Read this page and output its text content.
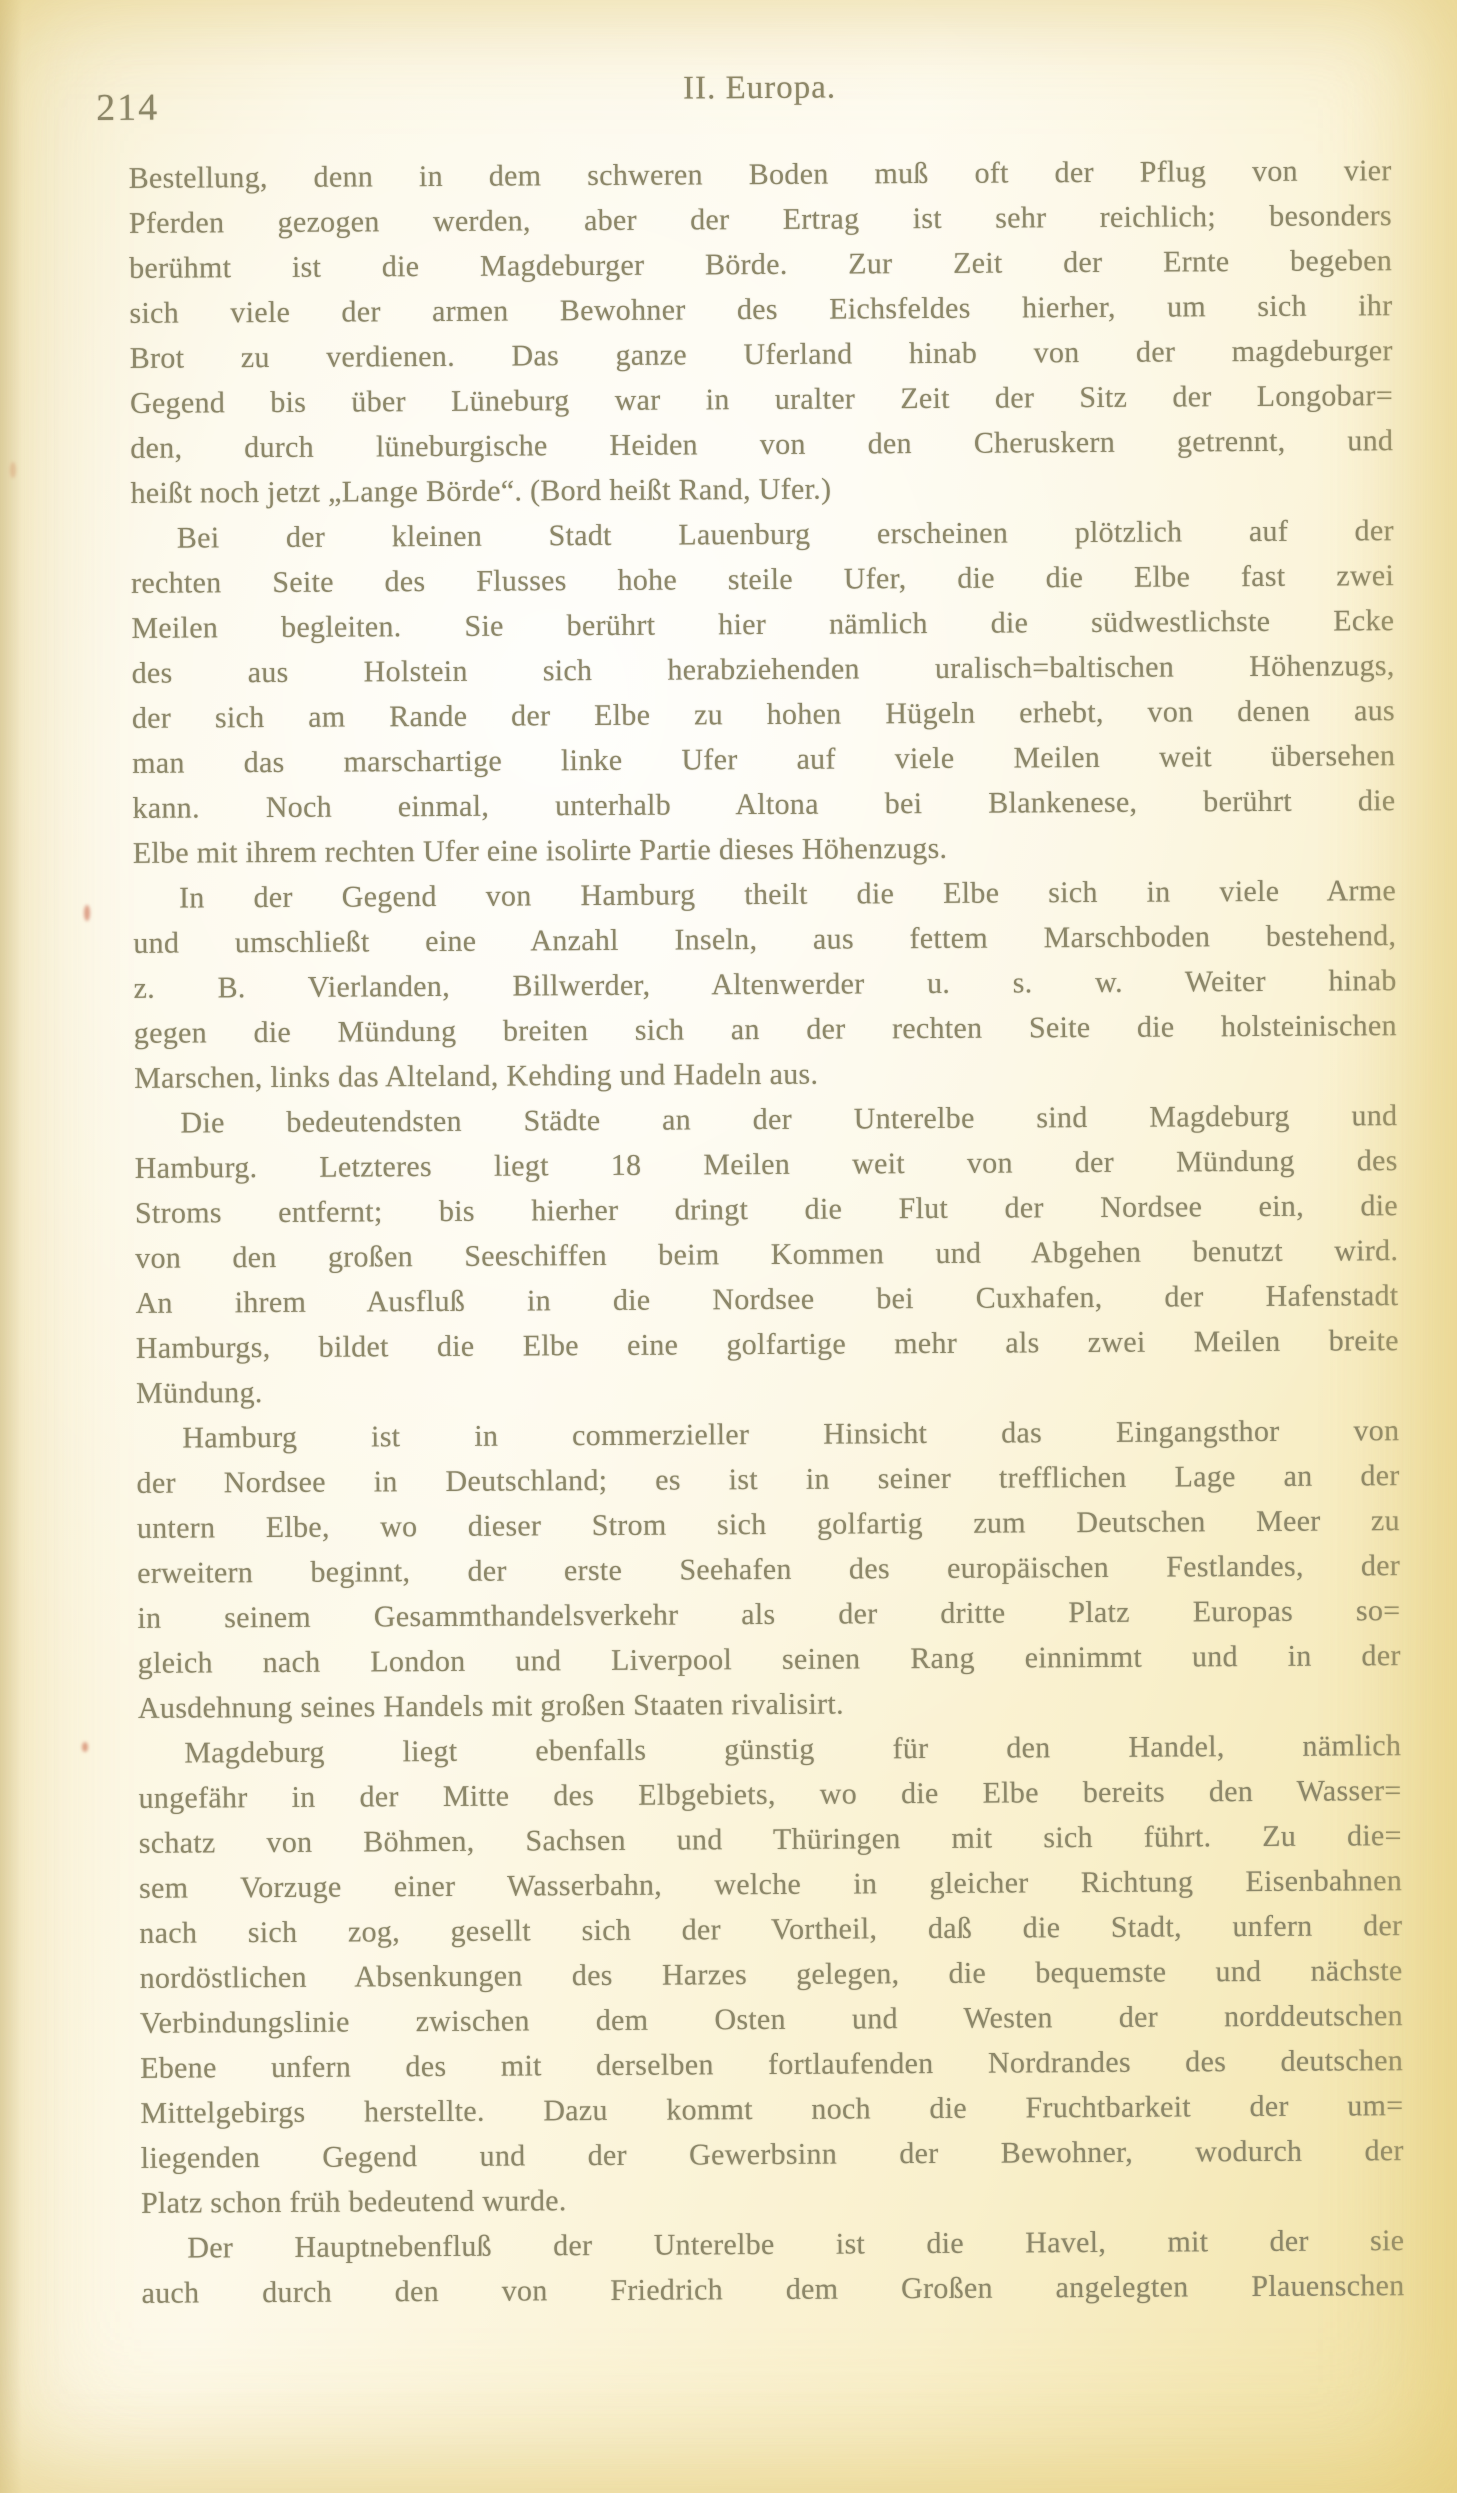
214	II. Europa.
Bestellung, denn in dem schweren Boden muß oft der Pflug von vier
Pferden gezogen werden, aber der Ertrag ist sehr reichlich; besonders
berühmt ist die Magdeburger Börde. Zur Zeit der Ernte begeben
sich viele der armen Bewohner des Eichsfeldes hierher, um sich ihr
Brot zu verdienen. Das ganze Uferland hinab von der magdeburger
Gegend bis über Lüneburg war in uralter Zeit der Sitz der Longobar=
den, durch lüneburgische Heiden von den Cheruskern getrennt, und
heißt noch jetzt „Lange Börde“. (Bord heißt Rand, Ufer.)
Bei der kleinen Stadt Lauenburg erscheinen plötzlich auf der
rechten Seite des Flusses hohe steile Ufer, die die Elbe fast zwei
Meilen begleiten. Sie berührt hier nämlich die südwestlichste Ecke
des aus Holstein sich herabziehenden uralisch=baltischen Höhenzugs,
der sich am Rande der Elbe zu hohen Hügeln erhebt, von denen aus
man das marschartige linke Ufer auf viele Meilen weit übersehen
kann. Noch einmal, unterhalb Altona bei Blankenese, berührt die
Elbe mit ihrem rechten Ufer eine isolirte Partie dieses Höhenzugs.
In der Gegend von Hamburg theilt die Elbe sich in viele Arme
und umschließt eine Anzahl Inseln, aus fettem Marschboden bestehend,
z. B. Vierlanden, Billwerder, Altenwerder u. s. w. Weiter hinab
gegen die Mündung breiten sich an der rechten Seite die holsteinischen
Marschen, links das Alteland, Kehding und Hadeln aus.
Die bedeutendsten Städte an der Unterelbe sind Magdeburg und
Hamburg. Letzteres liegt 18 Meilen weit von der Mündung des
Stroms entfernt; bis hierher dringt die Flut der Nordsee ein, die
von den großen Seeschiffen beim Kommen und Abgehen benutzt wird.
An ihrem Ausfluß in die Nordsee bei Cuxhafen, der Hafenstadt
Hamburgs, bildet die Elbe eine golfartige mehr als zwei Meilen breite
Mündung.
Hamburg ist in commerzieller Hinsicht das Eingangsthor von
der Nordsee in Deutschland; es ist in seiner trefflichen Lage an der
untern Elbe, wo dieser Strom sich golfartig zum Deutschen Meer zu
erweitern beginnt, der erste Seehafen des europäischen Festlandes, der
in seinem Gesammthandelsverkehr als der dritte Platz Europas so=
gleich nach London und Liverpool seinen Rang einnimmt und in der
Ausdehnung seines Handels mit großen Staaten rivalisirt.
Magdeburg liegt ebenfalls günstig für den Handel, nämlich
ungefähr in der Mitte des Elbgebiets, wo die Elbe bereits den Wasser=
schatz von Böhmen, Sachsen und Thüringen mit sich führt. Zu die=
sem Vorzuge einer Wasserbahn, welche in gleicher Richtung Eisenbahnen
nach sich zog, gesellt sich der Vortheil, daß die Stadt, unfern der
nordöstlichen Absenkungen des Harzes gelegen, die bequemste und nächste
Verbindungslinie zwischen dem Osten und Westen der norddeutschen
Ebene unfern des mit derselben fortlaufenden Nordrandes des deutschen
Mittelgebirgs herstellte. Dazu kommt noch die Fruchtbarkeit der um=
liegenden Gegend und der Gewerbsinn der Bewohner, wodurch der
Platz schon früh bedeutend wurde.
Der Hauptnebenfluß der Unterelbe ist die Havel, mit der sie
auch durch den von Friedrich dem Großen angelegten Plauenschen
